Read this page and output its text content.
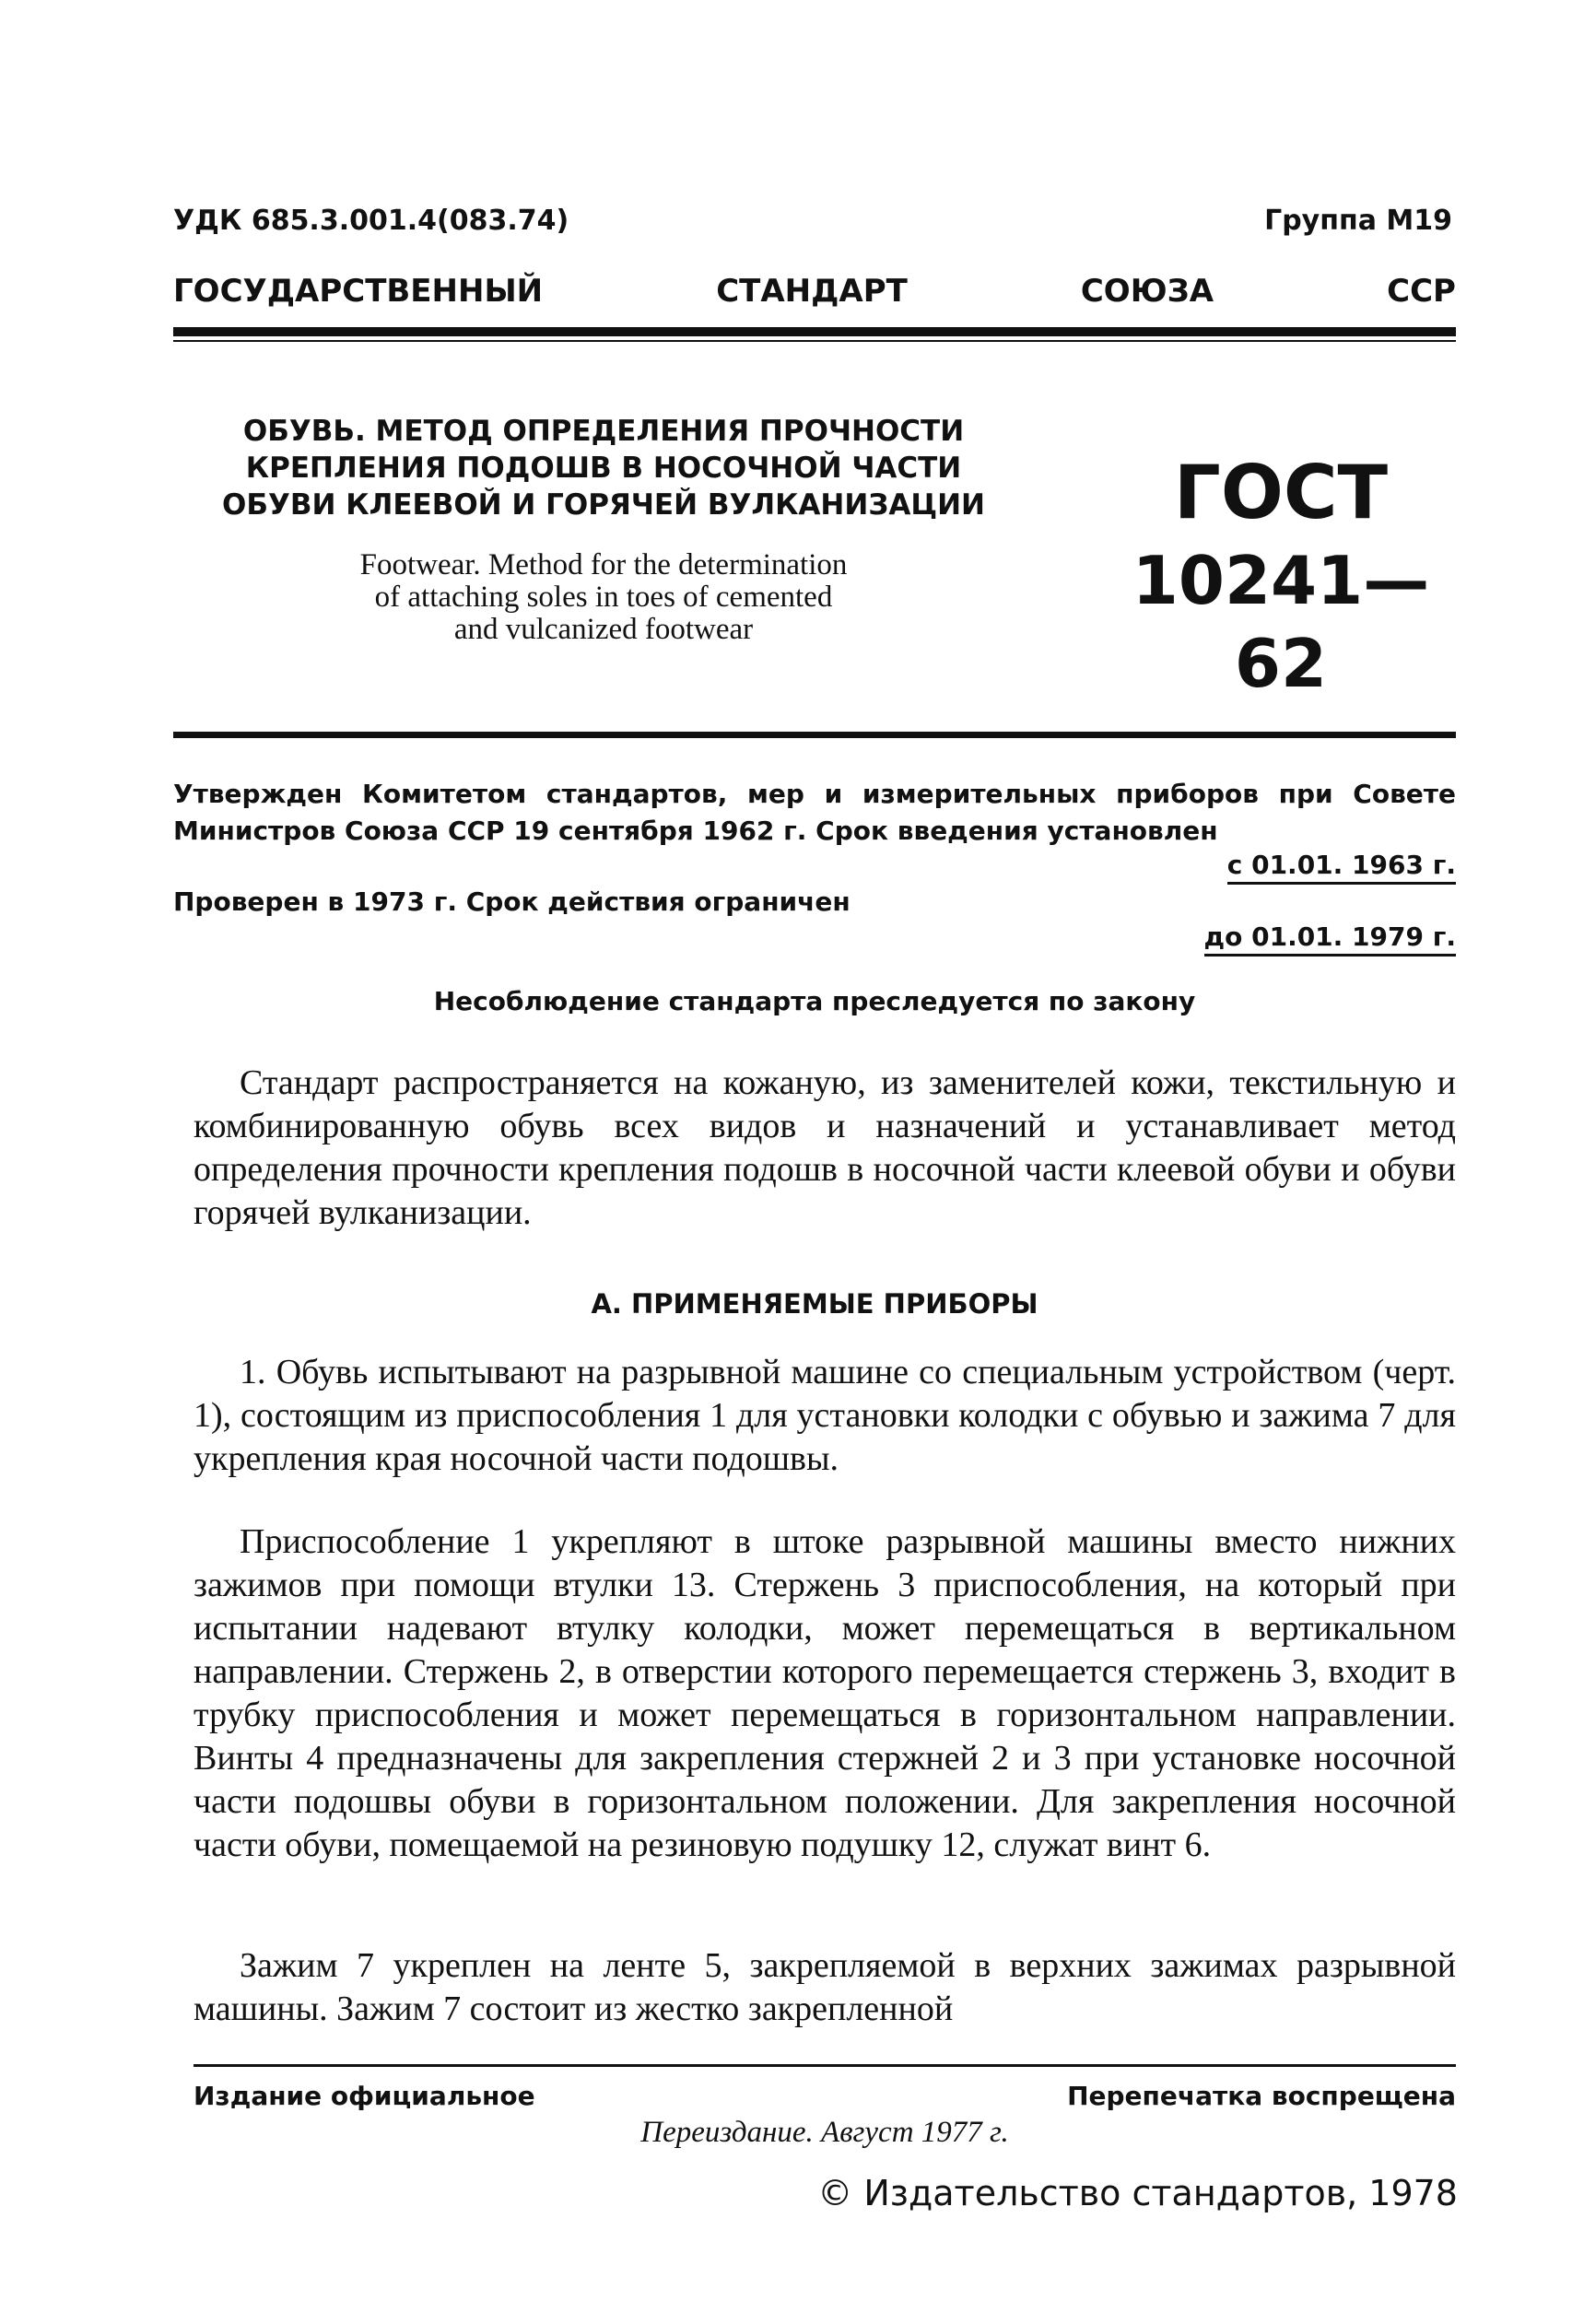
УДК 685.3.001.4(083.74)	Группа М19
ГОСУДАРСТВЕННЫЙ	СТАНДАРТ	СОЮЗА	ССР
ОБУВЬ. МЕТОД ОПРЕДЕЛЕНИЯ ПРОЧНОСТИ
КРЕПЛЕНИЯ ПОДОШВ В НОСОЧНОЙ ЧАСТИ
ОБУВИ КЛЕЕВОЙ И ГОРЯЧЕЙ ВУЛКАНИЗАЦИИ
Footwear. Method for the determination
of attaching soles in toes of cemented
and vulcanized footwear
ГОСТ
10241—62
Утвержден Комитетом стандартов, мер и измерительных приборов при Совете Министров Союза ССР 19 сентября 1962 г. Срок введения установлен
с 01.01. 1963 г.
Проверен в 1973 г. Срок действия ограничен
до 01.01. 1979 г.
Несоблюдение стандарта преследуется по закону
Стандарт распространяется на кожаную, из заменителей кожи, текстильную и комбинированную обувь всех видов и назначений и устанавливает метод определения прочности крепления подошв в носочной части клеевой обуви и обуви горячей вулканизации.
А. ПРИМЕНЯЕМЫЕ ПРИБОРЫ
1. Обувь испытывают на разрывной машине со специальным устройством (черт. 1), состоящим из приспособления 1 для установки колодки с обувью и зажима 7 для укрепления края носочной части подошвы.
Приспособление 1 укрепляют в штоке разрывной машины вместо нижних зажимов при помощи втулки 13. Стержень 3 приспособления, на который при испытании надевают втулку колодки, может перемещаться в вертикальном направлении. Стержень 2, в отверстии которого перемещается стержень 3, входит в трубку приспособления и может перемещаться в горизонтальном направлении. Винты 4 предназначены для закрепления стержней 2 и 3 при установке носочной части подошвы обуви в горизонтальном положении. Для закрепления носочной части обуви, помещаемой на резиновую подушку 12, служат винт 6.
Зажим 7 укреплен на ленте 5, закрепляемой в верхних зажимах разрывной машины. Зажим 7 состоит из жестко закрепленной
Издание официальное	Перепечатка воспрещена
Переиздание. Август 1977 г.
© Издательство стандартов, 1978
